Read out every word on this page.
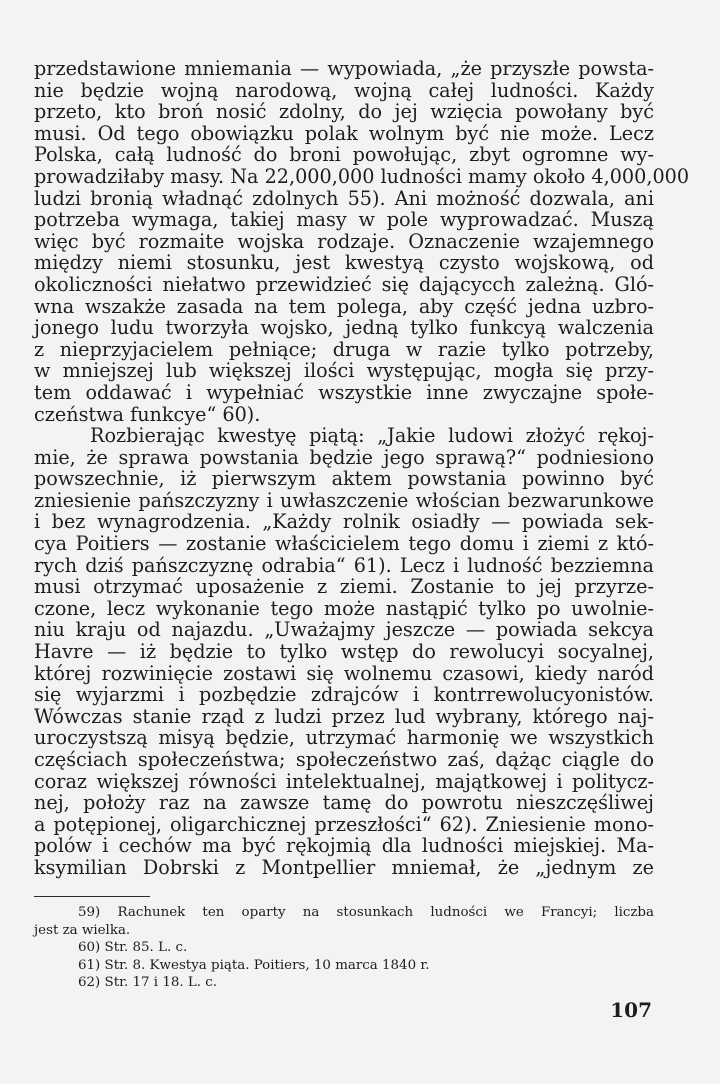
przedstawione mniemania — wypowiada, „że przyszłe powsta-
nie będzie wojną narodową, wojną całej ludności. Każdy
przeto, kto broń nosić zdolny, do jej wzięcia powołany być
musi. Od tego obowiązku polak wolnym być nie może. Lecz
Polska, całą ludność do broni powołując, zbyt ogromne wy-
prowadziłaby masy. Na 22,000,000 ludności mamy około 4,000,000
ludzi bronią władnąć zdolnych 55). Ani możność dozwala, ani
potrzeba wymaga, takiej masy w pole wyprowadzać. Muszą
więc być rozmaite wojska rodzaje. Oznaczenie wzajemnego
między niemi stosunku, jest kwestyą czysto wojskową, od
okoliczności niełatwo przewidzieć się dającycch zależną. Gló-
wna wszakże zasada na tem polega, aby część jedna uzbro-
jonego ludu tworzyła wojsko, jedną tylko funkcyą walczenia
z nieprzyjacielem pełniące; druga w razie tylko potrzeby,
w mniejszej lub większej ilości występując, mogła się przy-
tem oddawać i wypełniać wszystkie inne zwyczajne społe-
czeństwa funkcye“ 60).
Rozbierając kwestyę piątą: „Jakie ludowi złożyć rękoj-
mie, że sprawa powstania będzie jego sprawą?“ podniesiono
powszechnie, iż pierwszym aktem powstania powinno być
zniesienie pańszczyzny i uwłaszczenie włościan bezwarunkowe
i bez wynagrodzenia. „Każdy rolnik osiadły — powiada sek-
cya Poitiers — zostanie właścicielem tego domu i ziemi z któ-
rych dziś pańszczyznę odrabia“ 61). Lecz i ludność bezziemna
musi otrzymać uposażenie z ziemi. Zostanie to jej przyrze-
czone, lecz wykonanie tego może nastąpić tylko po uwolnie-
niu kraju od najazdu. „Uważajmy jeszcze — powiada sekcya
Havre — iż będzie to tylko wstęp do rewolucyi socyalnej,
której rozwinięcie zostawi się wolnemu czasowi, kiedy naród
się wyjarzmi i pozbędzie zdrajców i kontrrewolucyonistów.
Wówczas stanie rząd z ludzi przez lud wybrany, którego naj-
uroczystszą misyą będzie, utrzymać harmonię we wszystkich
częściach społeczeństwa; społeczeństwo zaś, dążąc ciągle do
coraz większej równości intelektualnej, majątkowej i politycz-
nej, położy raz na zawsze tamę do powrotu nieszczęśliwej
a potępionej, oligarchicznej przeszłości“ 62). Zniesienie mono-
polów i cechów ma być rękojmią dla ludności miejskiej. Ma-
ksymilian Dobrski z Montpellier mniemał, że „jednym ze
59) Rachunek ten oparty na stosunkach ludności we Francyi; liczba
jest za wielka.
60) Str. 85. L. c.
61) Str. 8. Kwestya piąta. Poitiers, 10 marca 1840 r.
62) Str. 17 i 18. L. c.
107
